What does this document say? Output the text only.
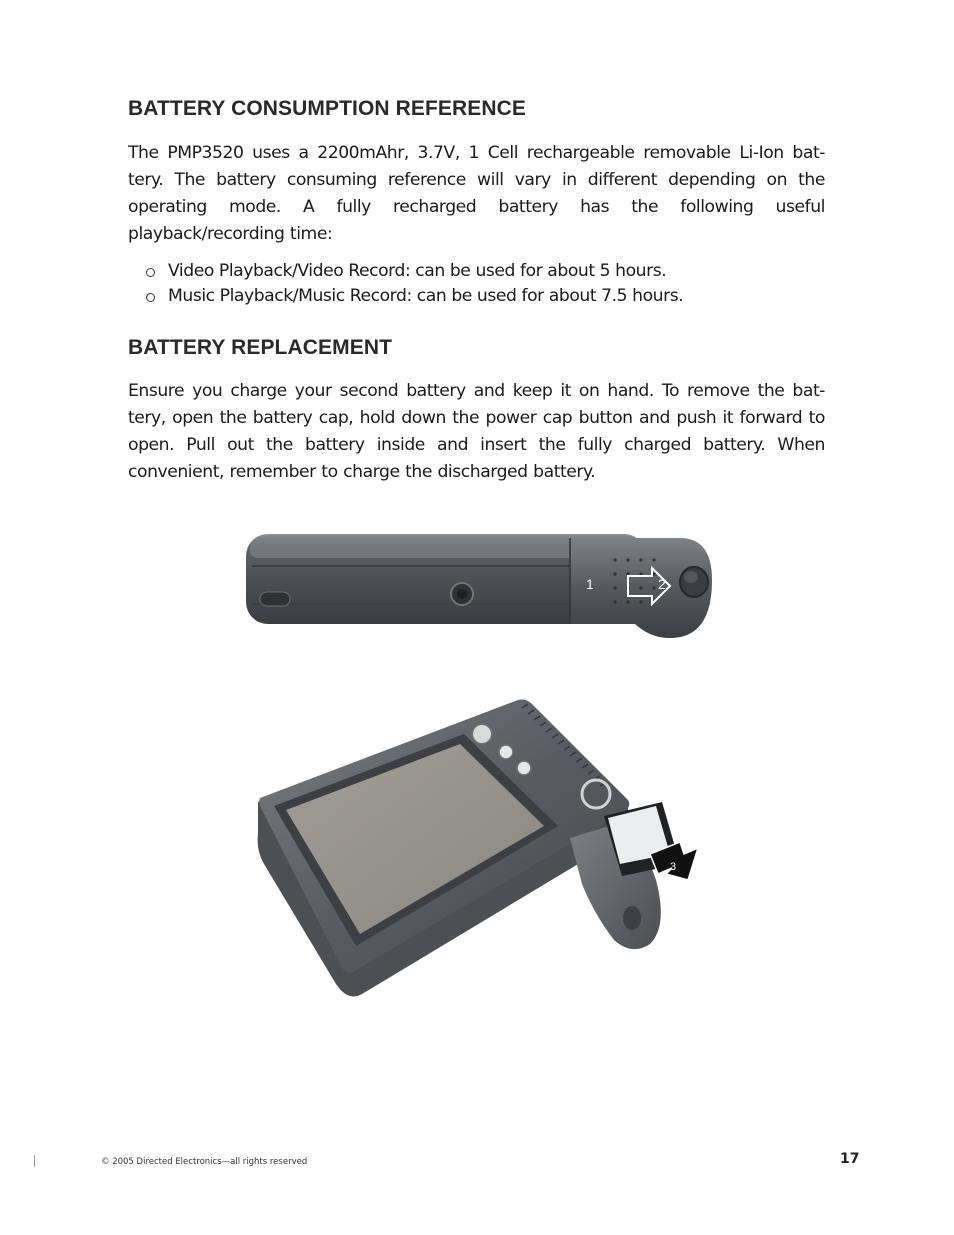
BATTERY CONSUMPTION REFERENCE

The PMP3520 uses a 2200mAhr, 3.7V, 1 Cell rechargeable removable Li-Ion bat- tery. The battery consuming reference will vary in different depending on the operating mode. A fully recharged battery has the following useful playback/recording time:

Video Playback/Video Record: can be used for about 5 hours.
Music Playback/Music Record: can be used for about 7.5 hours.
BATTERY REPLACEMENT

Ensure you charge your second battery and keep it on hand. To remove the bat- tery, open the battery cap, hold down the power cap button and push it forward to open. Pull out the battery inside and insert the fully charged battery. When convenient, remember to charge the discharged battery.

1	2
3
© 2005 Directed Electronics—all rights reserved	17
